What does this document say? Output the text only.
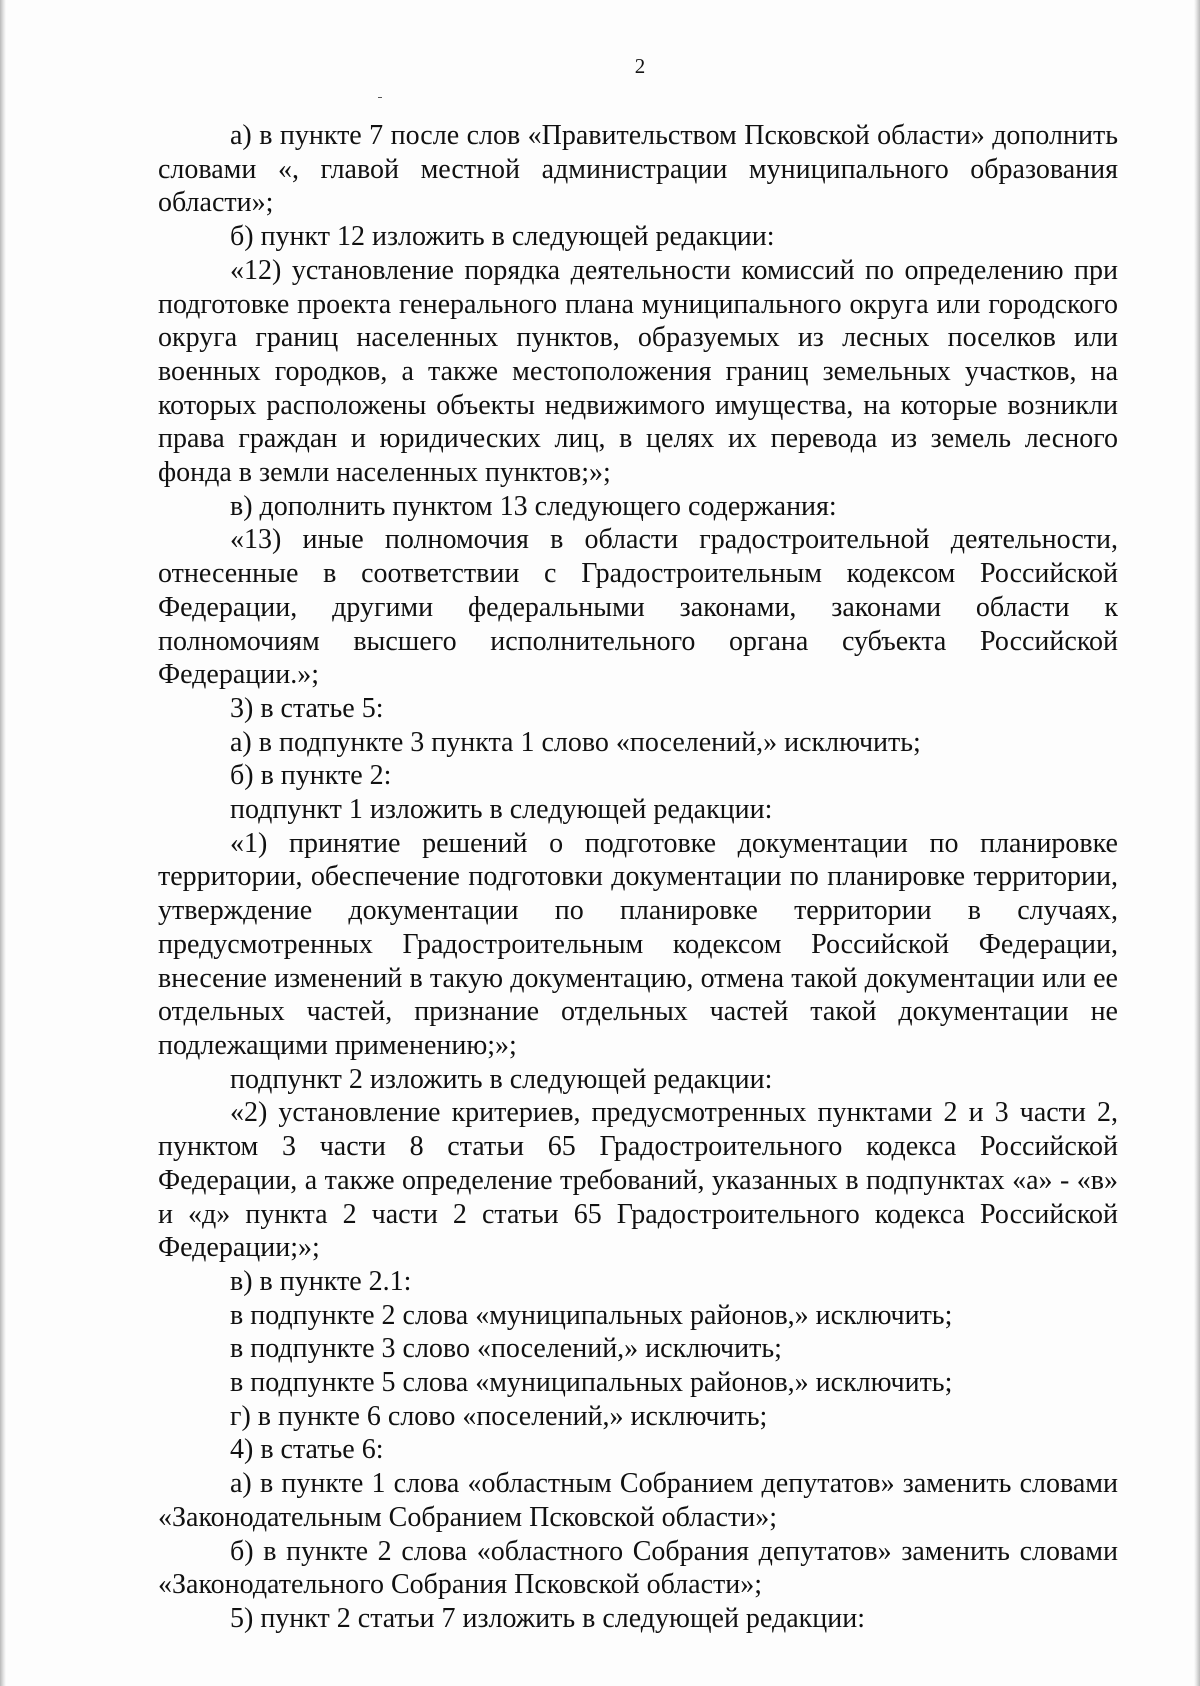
2

а) в пункте 7 после слов «Правительством Псковской области» дополнить словами «, главой местной администрации муниципального образования области»;

б) пункт 12 изложить в следующей редакции:

«12) установление порядка деятельности комиссий по определению при подготовке проекта генерального плана муниципального округа или городского округа границ населенных пунктов, образуемых из лесных поселков или военных городков, а также местоположения границ земельных участков, на которых расположены объекты недвижимого имущества, на которые возникли права граждан и юридических лиц, в целях их перевода из земель лесного фонда в земли населенных пунктов;»;

в) дополнить пунктом 13 следующего содержания:

«13) иные полномочия в области градостроительной деятельности, отнесенные в соответствии с Градостроительным кодексом Российской Федерации, другими федеральными законами, законами области к полномочиям высшего исполнительного органа субъекта Российской Федерации.»;

3) в статье 5:

а) в подпункте 3 пункта 1 слово «поселений,» исключить;

б) в пункте 2:

подпункт 1 изложить в следующей редакции:

«1) принятие решений о подготовке документации по планировке территории, обеспечение подготовки документации по планировке территории, утверждение документации по планировке территории в случаях, предусмотренных Градостроительным кодексом Российской Федерации, внесение изменений в такую документацию, отмена такой документации или ее отдельных частей, признание отдельных частей такой документации не подлежащими применению;»;

подпункт 2 изложить в следующей редакции:

«2) установление критериев, предусмотренных пунктами 2 и 3 части 2, пунктом 3 части 8 статьи 65 Градостроительного кодекса Российской Федерации, а также определение требований, указанных в подпунктах «а» - «в» и «д» пункта 2 части 2 статьи 65 Градостроительного кодекса Российской Федерации;»;

в) в пункте 2.1:

в подпункте 2 слова «муниципальных районов,» исключить;

в подпункте 3 слово «поселений,» исключить;

в подпункте 5 слова «муниципальных районов,» исключить;

г) в пункте 6 слово «поселений,» исключить;

4) в статье 6:

а) в пункте 1 слова «областным Собранием депутатов» заменить словами «Законодательным Собранием Псковской области»;

б) в пункте 2 слова «областного Собрания депутатов» заменить словами «Законодательного Собрания Псковской области»;

5) пункт 2 статьи 7 изложить в следующей редакции:
